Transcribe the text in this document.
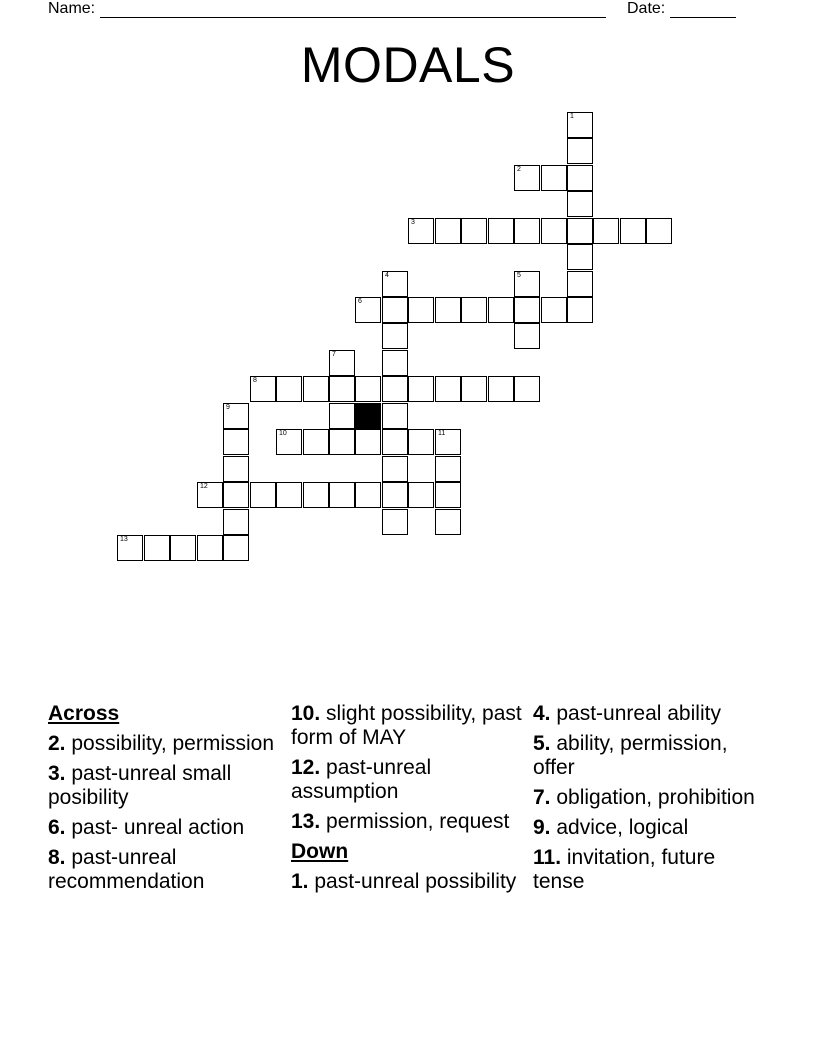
Name:	Date:
MODALS
1
2
3
4	5
6
7
8
9
10	11
12
13
Across
2. possibility, permission
3. past-unreal small posibility
6. past- unreal action
8. past-unreal recommendation
10. slight possibility, past form of MAY
12. past-unreal assumption
13. permission, request
Down
1. past-unreal possibility
4. past-unreal ability
5. ability, permission, offer
7. obligation, prohibition
9. advice, logical
11. invitation, future tense
